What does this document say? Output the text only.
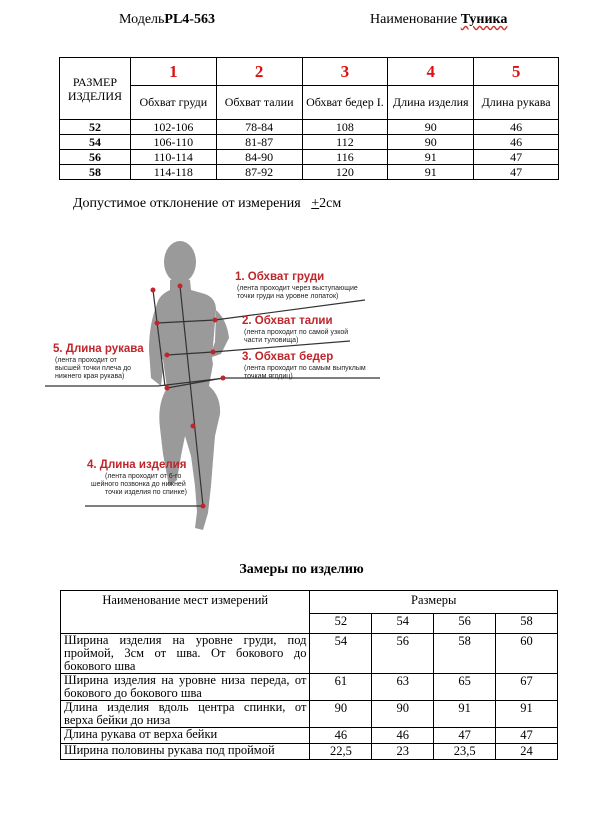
МодельPL4-563	Наименование Туника
РАЗМЕР ИЗДЕЛИЯ	1	2	3	4	5
	Обхват груди	Обхват талии	Обхват бедер I.	Длина изделия	Длина рукава
52	102-106	78-84	108	90	46
54	106-110	81-87	112	90	46
56	110-114	84-90	116	91	47
58	114-118	87-92	120	91	47
Допустимое отклонение от измерения +2см
1. Обхват груди
(лента проходит через выступающие
точки груди на уровне лопаток)
2. Обхват талии
(лента проходит по самой узкой
части туловища)
3. Обхват бедер
(лента проходит по самым выпуклым
точкам ягодиц)
5. Длина рукава
(лента проходит от
высшей точки плеча до
нижнего края рукава)
4. Длина изделия
(лента проходит от 6-го
шейного позвонка до нижней
точки изделия по спинке)
Замеры по изделию
Наименование мест измерений	Размеры			
	52	54	56	58
Ширина изделия на уровне груди, под проймой, 3см от шва. От бокового до бокового шва	54	56	58	60
Ширина изделия на уровне низа переда, от бокового до бокового шва	61	63	65	67
Длина изделия вдоль центра спинки, от верха бейки до низа	90	90	91	91
Длина рукава от верха бейки	46	46	47	47
Ширина половины рукава под проймой	22,5	23	23,5	24
